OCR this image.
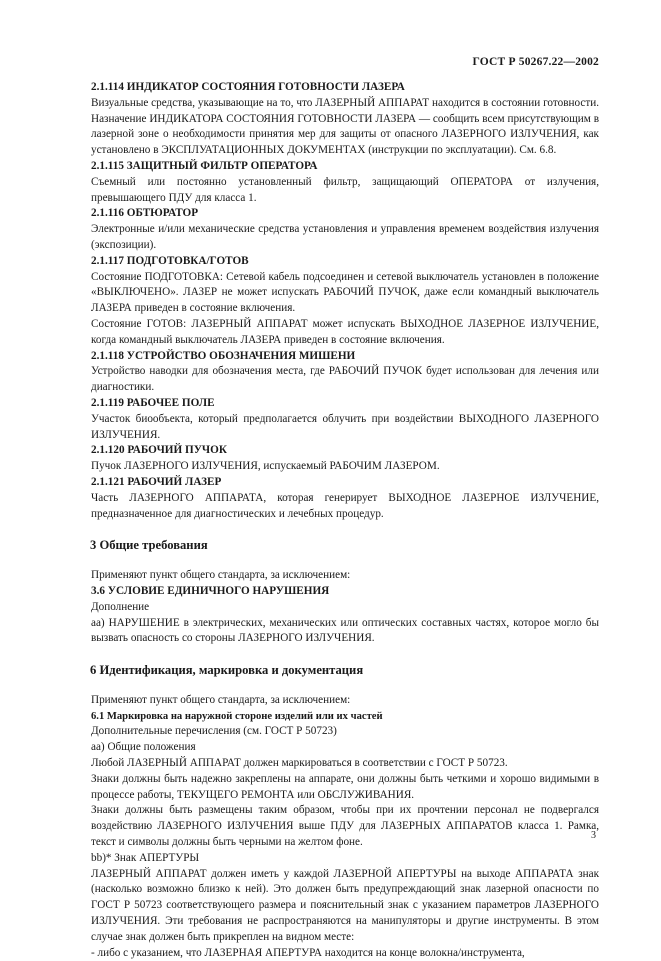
ГОСТ Р 50267.22—2002
2.1.114 ИНДИКАТОР СОСТОЯНИЯ ГОТОВНОСТИ ЛАЗЕРА

Визуальные средства, указывающие на то, что ЛАЗЕРНЫЙ АППАРАТ находится в состоянии готовности. Назначение ИНДИКАТОРА СОСТОЯНИЯ ГОТОВНОСТИ ЛАЗЕРА — сообщить всем присутствующим в лазерной зоне о необходимости принятия мер для защиты от опасного ЛАЗЕРНОГО ИЗЛУЧЕНИЯ, как установлено в ЭКСПЛУАТАЦИОННЫХ ДОКУМЕНТАХ (инструкции по эксплуатации). См. 6.8.

2.1.115 ЗАЩИТНЫЙ ФИЛЬТР ОПЕРАТОРА

Съемный или постоянно установленный фильтр, защищающий ОПЕРАТОРА от излучения, превышающего ПДУ для класса 1.

2.1.116 ОБТЮРАТОР

Электронные и/или механические средства установления и управления временем воздействия излучения (экспозиции).

2.1.117 ПОДГОТОВКА/ГОТОВ

Состояние ПОДГОТОВКА: Сетевой кабель подсоединен и сетевой выключатель установлен в положение «ВЫКЛЮЧЕНО». ЛАЗЕР не может испускать РАБОЧИЙ ПУЧОК, даже если командный выключатель ЛАЗЕРА приведен в состояние включения.

Состояние ГОТОВ: ЛАЗЕРНЫЙ АППАРАТ может испускать ВЫХОДНОЕ ЛАЗЕРНОЕ ИЗЛУЧЕНИЕ, когда командный выключатель ЛАЗЕРА приведен в состояние включения.

2.1.118 УСТРОЙСТВО ОБОЗНАЧЕНИЯ МИШЕНИ

Устройство наводки для обозначения места, где РАБОЧИЙ ПУЧОК будет использован для лечения или диагностики.

2.1.119 РАБОЧЕЕ ПОЛЕ

Участок биообъекта, который предполагается облучить при воздействии ВЫХОДНОГО ЛАЗЕРНОГО ИЗЛУЧЕНИЯ.

2.1.120 РАБОЧИЙ ПУЧОК

Пучок ЛАЗЕРНОГО ИЗЛУЧЕНИЯ, испускаемый РАБОЧИМ ЛАЗЕРОМ.

2.1.121 РАБОЧИЙ ЛАЗЕР

Часть ЛАЗЕРНОГО АППАРАТА, которая генерирует ВЫХОДНОЕ ЛАЗЕРНОЕ ИЗЛУЧЕНИЕ, предназначенное для диагностических и лечебных процедур.

3 Общие требования

Применяют пункт общего стандарта, за исключением:

3.6 УСЛОВИЕ ЕДИНИЧНОГО НАРУШЕНИЯ

Дополнение

аа) НАРУШЕНИЕ в электрических, механических или оптических составных частях, которое могло бы вызвать опасность со стороны ЛАЗЕРНОГО ИЗЛУЧЕНИЯ.

6 Идентификация, маркировка и документация

Применяют пункт общего стандарта, за исключением:

6.1 Маркировка на наружной стороне изделий или их частей

Дополнительные перечисления (см. ГОСТ Р 50723)

аа) Общие положения

Любой ЛАЗЕРНЫЙ АППАРАТ должен маркироваться в соответствии с ГОСТ Р 50723.

Знаки должны быть надежно закреплены на аппарате, они должны быть четкими и хорошо видимыми в процессе работы, ТЕКУЩЕГО РЕМОНТА или ОБСЛУЖИВАНИЯ.

Знаки должны быть размещены таким образом, чтобы при их прочтении персонал не подвергался воздействию ЛАЗЕРНОГО ИЗЛУЧЕНИЯ выше ПДУ для ЛАЗЕРНЫХ АППАРАТОВ класса 1. Рамка, текст и символы должны быть черными на желтом фоне.

bb)* Знак АПЕРТУРЫ

ЛАЗЕРНЫЙ АППАРАТ должен иметь у каждой ЛАЗЕРНОЙ АПЕРТУРЫ на выходе АППАРАТА знак (насколько возможно близко к ней). Это должен быть предупреждающий знак лазерной опасности по ГОСТ Р 50723 соответствующего размера и пояснительный знак с указанием параметров ЛАЗЕРНОГО ИЗЛУЧЕНИЯ. Эти требования не распространяются на манипуляторы и другие инструменты. В этом случае знак должен быть прикреплен на видном месте:

- либо с указанием, что ЛАЗЕРНАЯ АПЕРТУРА находится на конце волокна/инструмента,

3
